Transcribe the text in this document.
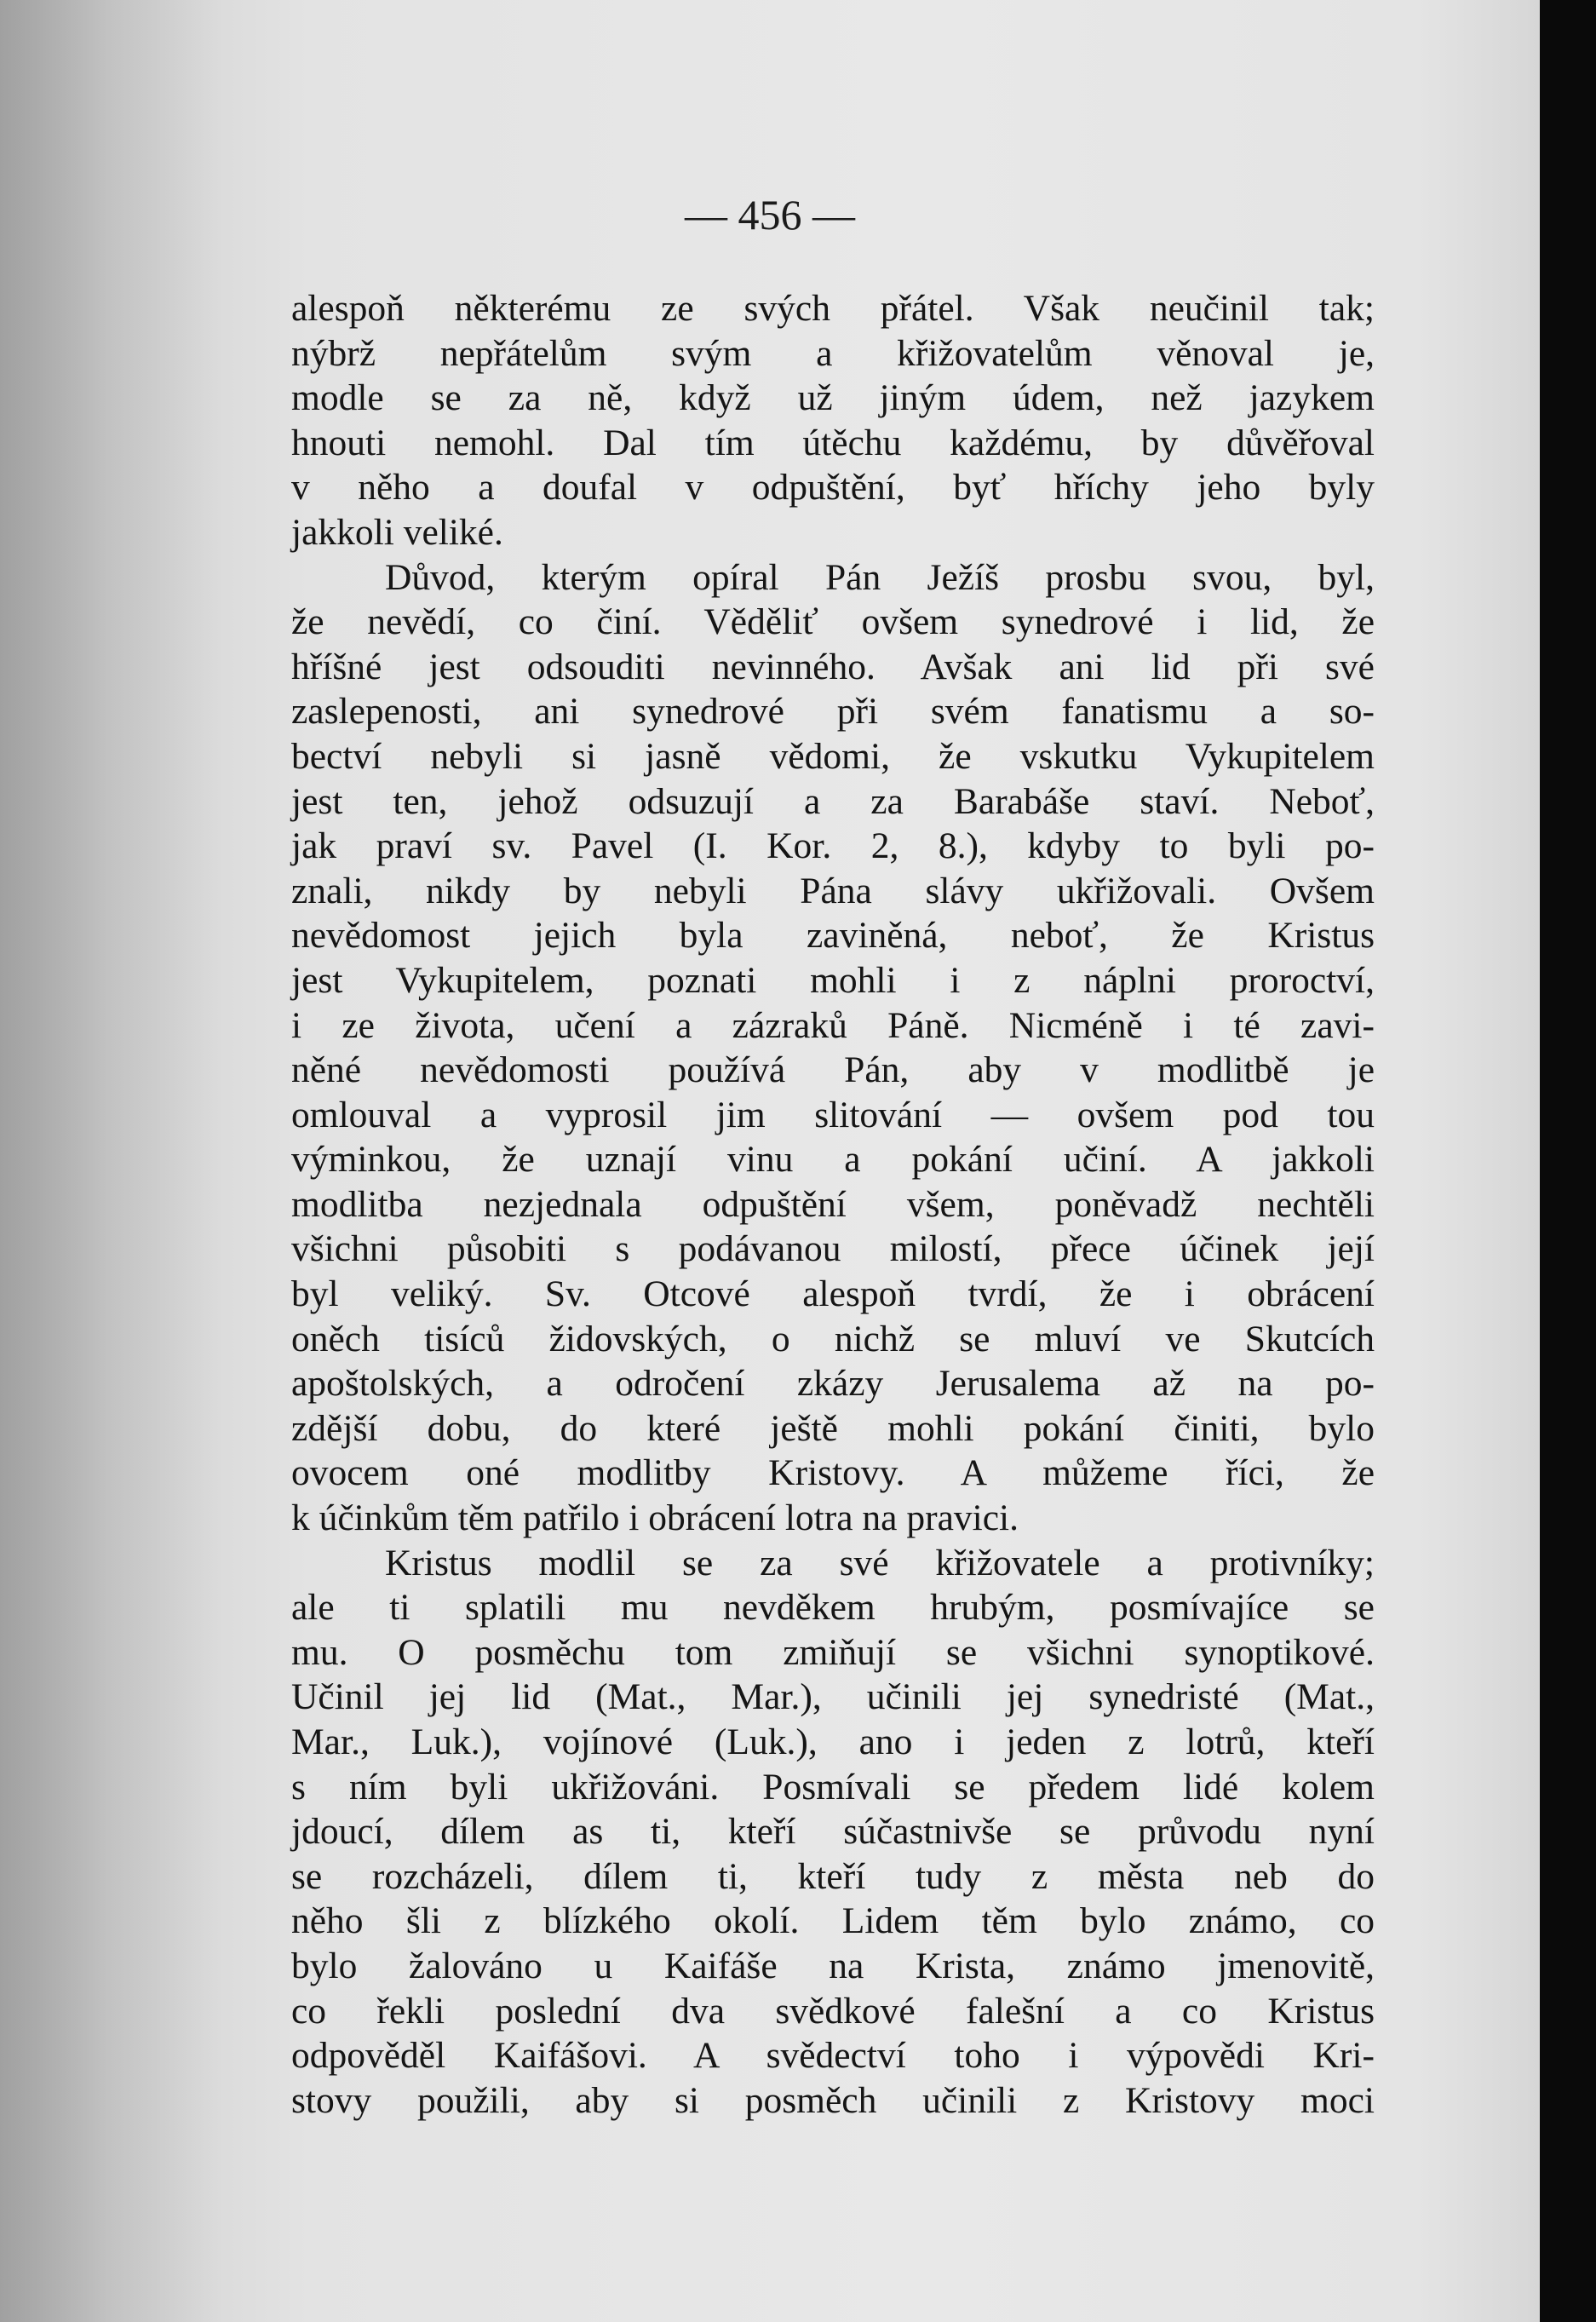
— 456 —
alespoň některému ze svých přátel. Však neučinil tak;
nýbrž nepřátelům svým a křižovatelům věnoval je,
modle se za ně, když už jiným údem, než jazykem
hnouti nemohl. Dal tím útěchu každému, by důvěřoval
v něho a doufal v odpuštění, byť hříchy jeho byly
jakkoli veliké.
Důvod, kterým opíral Pán Ježíš prosbu svou, byl,
že nevědí, co činí. Věděliť ovšem synedrové i lid, že
hříšné jest odsouditi nevinného. Avšak ani lid při své
zaslepenosti, ani synedrové při svém fanatismu a so-
bectví nebyli si jasně vědomi, že vskutku Vykupitelem
jest ten, jehož odsuzují a za Barabáše staví. Neboť,
jak praví sv. Pavel (I. Kor. 2, 8.), kdyby to byli po-
znali, nikdy by nebyli Pána slávy ukřižovali. Ovšem
nevědomost jejich byla zaviněná, neboť, že Kristus
jest Vykupitelem, poznati mohli i z náplni proroctví,
i ze života, učení a zázraků Páně. Nicméně i té zavi-
něné nevědomosti používá Pán, aby v modlitbě je
omlouval a vyprosil jim slitování — ovšem pod tou
výminkou, že uznají vinu a pokání učiní. A jakkoli
modlitba nezjednala odpuštění všem, poněvadž nechtěli
všichni působiti s podávanou milostí, přece účinek její
byl veliký. Sv. Otcové alespoň tvrdí, že i obrácení
oněch tisíců židovských, o nichž se mluví ve Skutcích
apoštolských, a odročení zkázy Jerusalema až na po-
zdější dobu, do které ještě mohli pokání činiti, bylo
ovocem oné modlitby Kristovy. A můžeme říci, že
k účinkům těm patřilo i obrácení lotra na pravici.
Kristus modlil se za své křižovatele a protivníky;
ale ti splatili mu nevděkem hrubým, posmívajíce se
mu. O posměchu tom zmiňují se všichni synoptikové.
Učinil jej lid (Mat., Mar.), učinili jej synedristé (Mat.,
Mar., Luk.), vojínové (Luk.), ano i jeden z lotrů, kteří
s ním byli ukřižováni. Posmívali se předem lidé kolem
jdoucí, dílem as ti, kteří súčastnivše se průvodu nyní
se rozcházeli, dílem ti, kteří tudy z města neb do
něho šli z blízkého okolí. Lidem těm bylo známo, co
bylo žalováno u Kaifáše na Krista, známo jmenovitě,
co řekli poslední dva svědkové falešní a co Kristus
odpověděl Kaifášovi. A svědectví toho i výpovědi Kri-
stovy použili, aby si posměch učinili z Kristovy moci
